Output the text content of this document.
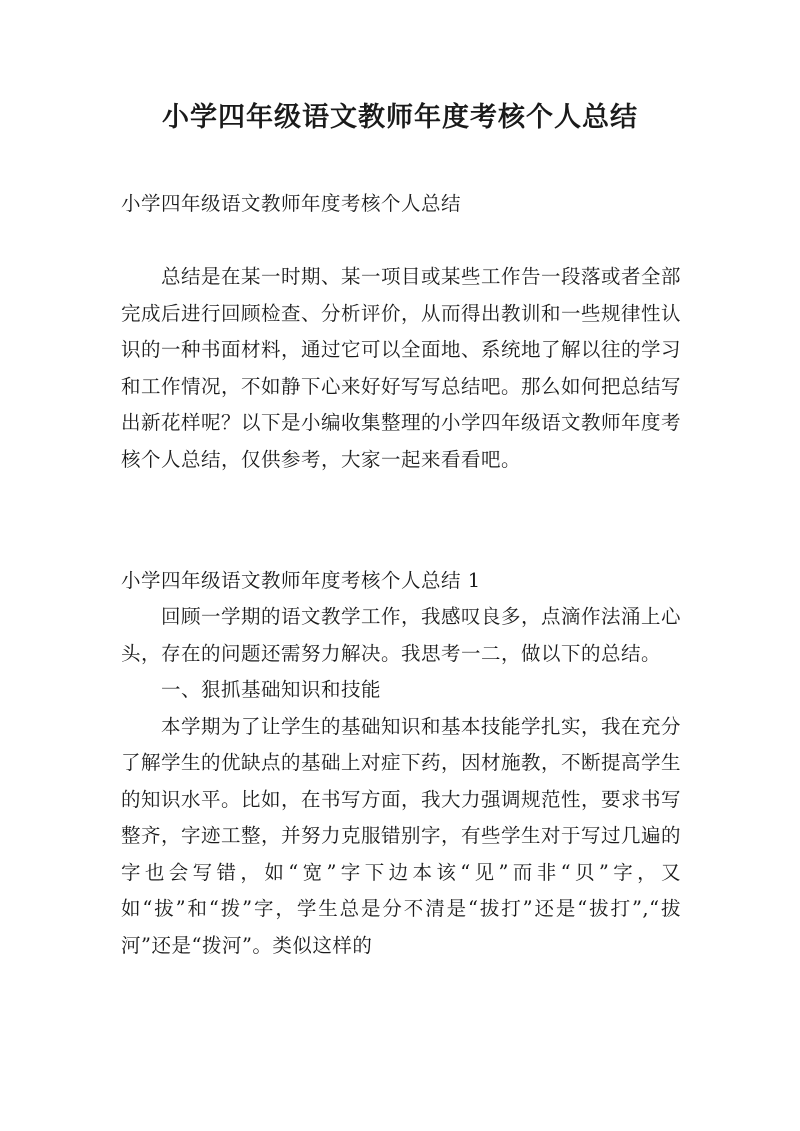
小学四年级语文教师年度考核个人总结
小学四年级语文教师年度考核个人总结

总结是在某一时期、某一项目或某些工作告一段落或者全部完成后进行回顾检查、分析评价，从而得出教训和一些规律性认识的一种书面材料，通过它可以全面地、系统地了解以往的学习和工作情况，不如静下心来好好写写总结吧。那么如何把总结写出新花样呢？以下是小编收集整理的小学四年级语文教师年度考核个人总结，仅供参考，大家一起来看看吧。

小学四年级语文教师年度考核个人总结 1

回顾一学期的语文教学工作，我感叹良多，点滴作法涌上心头，存在的问题还需努力解决。我思考一二，做以下的总结。

一、狠抓基础知识和技能

本学期为了让学生的基础知识和基本技能学扎实，我在充分了解学生的优缺点的基础上对症下药，因材施教，不断提高学生的知识水平。比如，在书写方面，我大力强调规范性，要求书写整齐，字迹工整，并努力克服错别字，有些学生对于写过几遍的字也会写错，如“宽”字下边本该“见”而非“贝”字，又如“拔”和“拨”字，学生总是分不清是“拔打”还是“拔打”,“拔河”还是“拨河”。类似这样的
